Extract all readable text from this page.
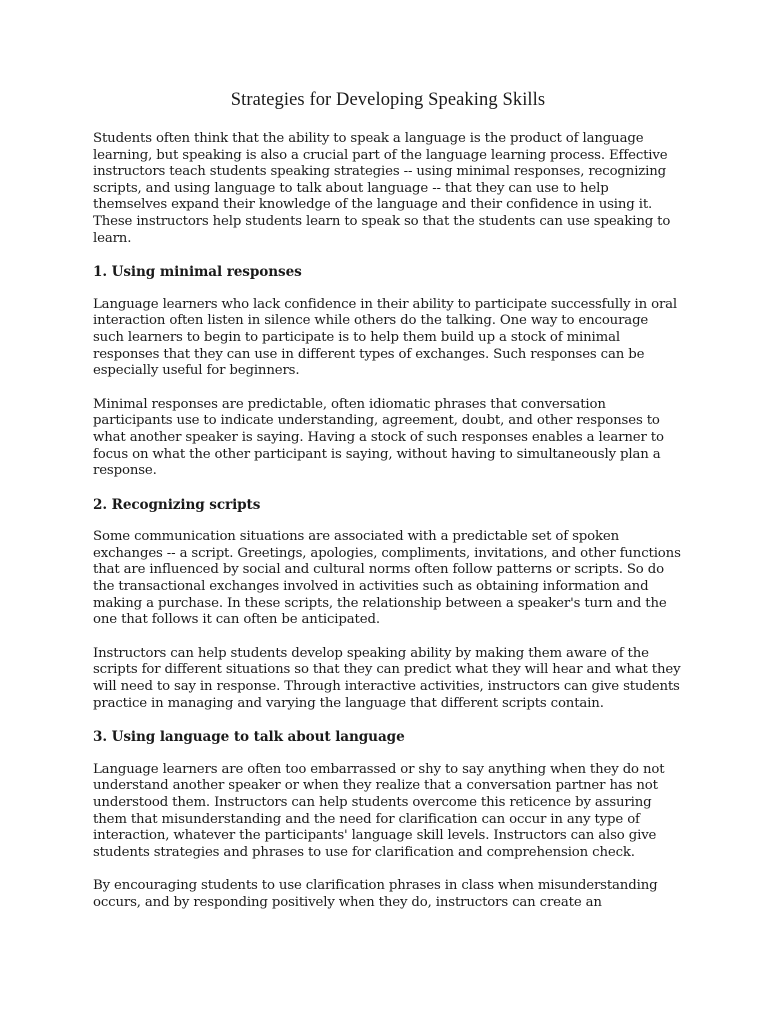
Strategies for Developing Speaking Skills

Students often think that the ability to speak a language is the product of language learning, but speaking is also a crucial part of the language learning process. Effective instructors teach students speaking strategies -- using minimal responses, recognizing scripts, and using language to talk about language -- that they can use to help themselves expand their knowledge of the language and their confidence in using it. These instructors help students learn to speak so that the students can use speaking to learn.

1. Using minimal responses

Language learners who lack confidence in their ability to participate successfully in oral interaction often listen in silence while others do the talking. One way to encourage such learners to begin to participate is to help them build up a stock of minimal responses that they can use in different types of exchanges. Such responses can be especially useful for beginners.

Minimal responses are predictable, often idiomatic phrases that conversation participants use to indicate understanding, agreement, doubt, and other responses to what another speaker is saying. Having a stock of such responses enables a learner to focus on what the other participant is saying, without having to simultaneously plan a response.

2. Recognizing scripts

Some communication situations are associated with a predictable set of spoken exchanges -- a script. Greetings, apologies, compliments, invitations, and other functions that are influenced by social and cultural norms often follow patterns or scripts. So do the transactional exchanges involved in activities such as obtaining information and making a purchase. In these scripts, the relationship between a speaker's turn and the one that follows it can often be anticipated.

Instructors can help students develop speaking ability by making them aware of the scripts for different situations so that they can predict what they will hear and what they will need to say in response. Through interactive activities, instructors can give students practice in managing and varying the language that different scripts contain.

3. Using language to talk about language

Language learners are often too embarrassed or shy to say anything when they do not understand another speaker or when they realize that a conversation partner has not understood them. Instructors can help students overcome this reticence by assuring them that misunderstanding and the need for clarification can occur in any type of interaction, whatever the participants' language skill levels. Instructors can also give students strategies and phrases to use for clarification and comprehension check.

By encouraging students to use clarification phrases in class when misunderstanding occurs, and by responding positively when they do, instructors can create an
